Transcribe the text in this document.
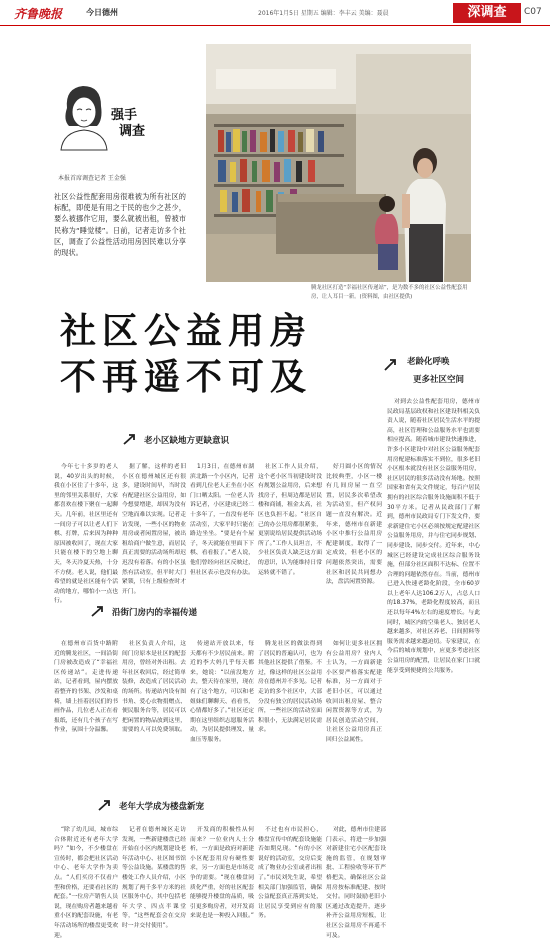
齐鲁晚报	今日德州	2016年1月5日 星期五 编辑：李丰云 美编：聂晨	深调查	C07
强手
调查
本报首席调查记者 王金强
社区公益性配套用房很难被为所有社区的标配，即使是有用之于民的也少之甚少，要么被挪作它用，要么就被出租，曾被市民称为“睡觉楼”。日前，记者走访多个社区，调查了公益性活动用房因民难以分享的现状。
腾龙社区打造“幸福社区传递站”，是为数不多的社区公益性配套用房，让人耳目一新。(资料图，由社区提供)
社区公益用房
不再遥不可及	老龄化呼唤
更多社区空间

对到去公益性配套用房，德州市民政局基层政权和社区建设科相关负责人说，随着社区居民生活水平的提高，社区管理和公益服务水平也需要相应提高。随着城市建设快速推进，许多小区建设中对社区公益服务配套用房配建标准落实不到位，很多老旧小区根本就没有社区公益服务用房，社区居民的很多活动没有场地。按照国家和省有关文件规定，每百户居民拥有的社区综合服务设施面积不低于30平方米。记者从民政部门了解到，德州市民政局专门下发文件，要求新建住宅小区必须按规定配建社区公益服务用房，并与住宅同步规划、同步建设、同步交付。近年来，中心城区已经建设完成社区综合服务设施，但部分社区面积不达标、位置不合理的问题依然存在。当前，德州市已进入快速老龄化阶段，全市60岁以上老年人达106.2万人，占总人口的18.37%，老龄化程度较高，而且还以每年4%左右的速度增长。与此同时，城区内的空巢老人、独居老人越来越多，对社区养老、日间照料等服务需求越来越迫切。专家建议，在今后的城市规划中，应更多考虑社区公益用房的配置，让居民在家门口就能享受到便捷的公共服务。

老小区缺地方更缺意识

今年七十多岁的老人说，40岁出头的时候，我在小区住了十多年，这里的邻里关系很好，大家都喜欢在楼下聚在一起聊天。几年前，社区里还有一间房子可以让老人们下棋、打牌，后来因为种种原因被收回了，现在大家只能在楼下的空地上聊天，冬天冷夏天热，十分不方便。老人说，他们最希望的就是社区能有个活动的地方，哪怕小一点也行。

据了解，这样的老旧小区在德州城区还有很多，建设时间早，当时没有配建社区公益用房，如今想要增建，却因为没有空地而难以实现。记者走访发现，一些小区的物业用房或者闲置房屋，被出租给商户做生意，而居民真正需要的活动场所却迟迟没有着落。有的小区虽然有活动室，但平时大门紧锁，只有上级检查时才开门。

1月3日，在德州市湖滨北路一个小区内，记者看到几位老人正坐在小区门口晒太阳。一位老人告诉记者，小区建成已经二十多年了，一直没有老年活动室，大家平时只能在路边坐坐。“要是有个屋子，冬天就能在里面下下棋、看看报了。”老人说，他们曾经向社区反映过，但社区表示也没有办法。

社区工作人员介绍，这个老小区当初建设时没有规划公益用房，后来想找房子，但周边都是居民楼和商铺，租金太高，社区也负担不起。“社区自己的办公用房都很紧张，更别说给居民提供活动场所了。”工作人员坦言，不少社区负责人缺乏这方面的意识，认为能维持日常运转就不错了。

好月圆小区的情况比较典型，小区一楼有几间房屋一直空置，居民多次希望改为活动室，但产权问题一直没有解决。近年来，德州市在新建小区中推行公益用房配建制度，取得了一定成效，但老小区的问题依然突出，需要社区和居民共同想办法，盘活闲置资源。

沿街门房内的幸福传递

在德州市百货中路附近的腾龙社区，一间沿街门房被改造成了“幸福社区传递站”。走进传递站，记者看到，屋内摆放着整齐的书架、沙发和桌椅，墙上挂着居民们的书画作品，几位老人正在看报纸，还有几个孩子在写作业，氛围十分温馨。

社区负责人介绍，这间门房原本是社区的配套用房，曾经对外出租。去年社区收回后，经过简单装修，改造成了居民活动的场所。传递站内设有图书角、爱心衣物捐赠点、便民服务台等，居民可以把闲置的物品放到这里，需要的人可以免费领取。

传递站开放以来，每天都有不少居民前来。附近的李大妈几乎每天都来，她说：“以前没地方去，整天待在家里，现在有了这个地方，可以和老姐妹们聊聊天、看看书，心情都好多了。”社区还定期在这里组织志愿服务活动，为居民提供理发、量血压等服务。

腾龙社区的做法得到了居民的普遍认可，也为其他社区提供了借鉴。不过，像这样的社区公益用房在德州并不多见。记者走访的多个社区中，大部分没有独立的居民活动场所，一些社区的活动室面积很小，无法满足居民需求。

如何让更多社区拥有公益用房？业内人士认为，一方面新建小区要严格落实配建标准，另一方面对于老旧小区，可以通过收回出租房屋、整合闲置资源等方式，为居民创造活动空间，让社区公益用房真正回归公益属性。

老年大学成为楼盘新宠

“除了幼儿园，城市综合体附近还有老年大学吗？”如今，不少楼盘在宣传时，都会把社区活动中心、老年大学作为卖点。“人们买房不仅看户型和价格，还要看社区的配套。”一位房产销售人员说，现在购房者越来越看重小区的配套设施，有老年活动场所的楼盘更受欢迎。

记者在德州城区走访发现，一些新建楼盘已经开始在小区内规划建设老年活动中心、社区图书馆等公益设施。某楼盘的售楼处工作人员介绍，小区规划了两千多平方米的社区服务中心，其中包括老年大学、四点半课堂等，“这些配套会在交房时一并交付使用”。

开发商的积极性从何而来？一位业内人士分析，一方面是政府对新建小区配套用房有硬性要求，另一方面也是市场竞争的需要。“现在楼盘同质化严重，好的社区配套能够提升楼盘的品质，吸引更多购房者，对开发商来说也是一种投入回报。”

不过也有市民担心，楼盘宣传中的配套设施能否如期兑现。“有的小区说好的活动室，交房后变成了物业办公室或者出租了。”市民刘先生说，希望相关部门加强监管，确保公益配套真正落到实处，让居民享受到应有的服务。

对此，德州市住建部门表示，将进一步加强对新建住宅小区配套设施的监管，在规划审批、工程验收等环节严格把关，确保社区公益用房按标准配建、按时交付。同时鼓励老旧小区通过改造提升，逐步补齐公益用房短板，让社区公益用房不再遥不可及。
